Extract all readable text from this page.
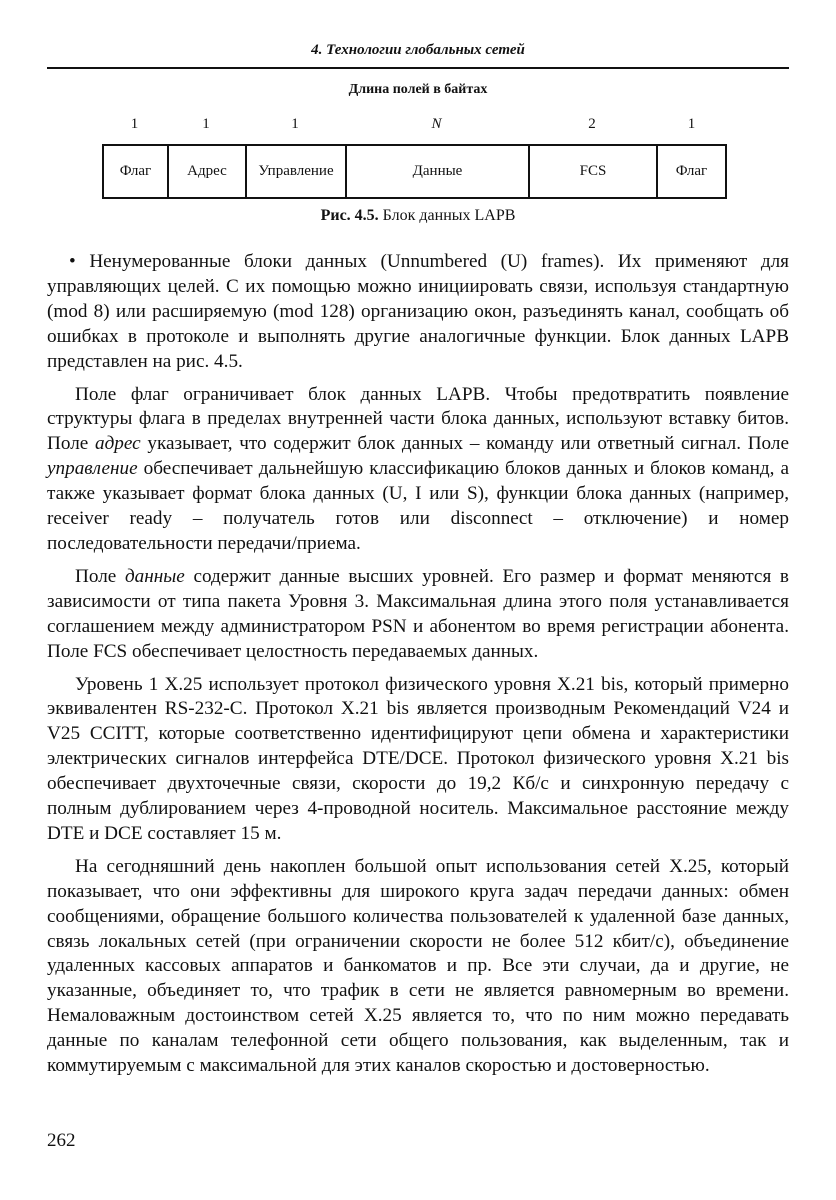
4. Технологии глобальных сетей
Длина полей в байтах
1	1	1	N	2	1
Флаг	Адрес	Управление	Данные	FCS	Флаг
Рис. 4.5. Блок данных LAPB

• Ненумерованные блоки данных (Unnumbered (U) frames). Их применяют для управляющих целей. С их помощью можно инициировать связи, используя стандартную (mod 8) или расширяемую (mod 128) организацию окон, разъединять канал, сообщать об ошибках в протоколе и выполнять другие аналогичные функции. Блок данных LAPB представлен на рис. 4.5.

Поле флаг ограничивает блок данных LAPB. Чтобы предотвратить появление структуры флага в пределах внутренней части блока данных, используют вставку битов. Поле адрес указывает, что содержит блок данных – команду или ответный сигнал. Поле управление обеспечивает дальнейшую классификацию блоков данных и блоков команд, а также указывает формат блока данных (U, I или S), функции блока данных (например, receiver ready – получатель готов или disconnect – отключение) и номер последовательности передачи/приема.

Поле данные содержит данные высших уровней. Его размер и формат меняются в зависимости от типа пакета Уровня 3. Максимальная длина этого поля устанавливается соглашением между администратором PSN и абонентом во время регистрации абонента. Поле FCS обеспечивает целостность передаваемых данных.

Уровень 1 X.25 использует протокол физического уровня X.21 bis, который примерно эквивалентен RS-232-C. Протокол X.21 bis является производным Рекомендаций V24 и V25 CCITT, которые соответственно идентифицируют цепи обмена и характеристики электрических сигналов интерфейса DTE/DCE. Протокол физического уровня X.21 bis обеспечивает двухточечные связи, скорости до 19,2 Кб/с и синхронную передачу с полным дублированием через 4-проводной носитель. Максимальное расстояние между DTE и DCE составляет 15 м.

На сегодняшний день накоплен большой опыт использования сетей X.25, который показывает, что они эффективны для широкого круга задач передачи данных: обмен сообщениями, обращение большого количества пользователей к удаленной базе данных, связь локальных сетей (при ограничении скорости не более 512 кбит/с), объединение удаленных кассовых аппаратов и банкоматов и пр. Все эти случаи, да и другие, не указанные, объединяет то, что трафик в сети не является равномерным во времени. Немаловажным достоинством сетей X.25 является то, что по ним можно передавать данные по каналам телефонной сети общего пользования, как выделенным, так и коммутируемым с максимальной для этих каналов скоростью и достоверностью.

262
